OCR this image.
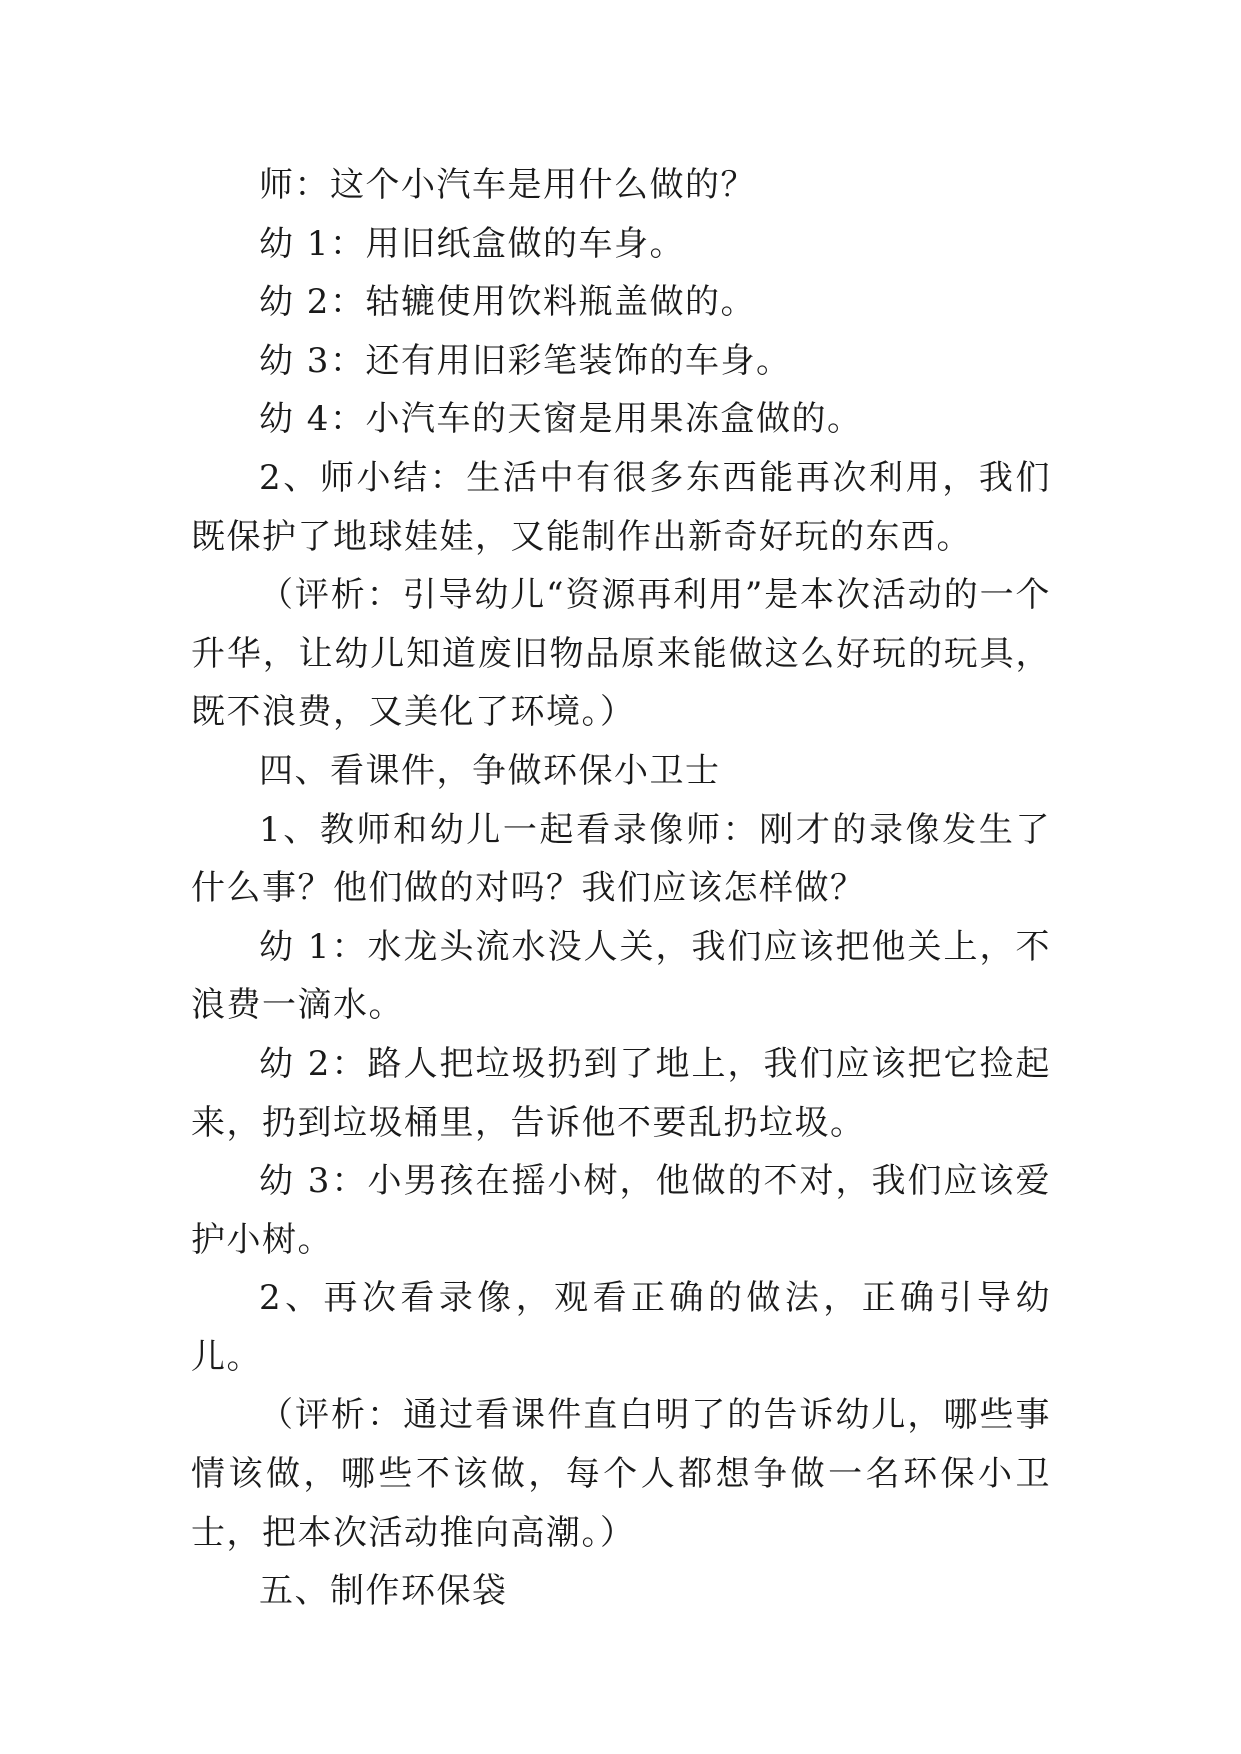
师：这个小汽车是用什么做的？

幼 1：用旧纸盒做的车身。

幼 2：轱辘使用饮料瓶盖做的。

幼 3：还有用旧彩笔装饰的车身。

幼 4：小汽车的天窗是用果冻盒做的。

2、师小结：生活中有很多东西能再次利用，我们既保护了地球娃娃，又能制作出新奇好玩的东西。

（评析：引导幼儿“资源再利用”是本次活动的一个升华，让幼儿知道废旧物品原来能做这么好玩的玩具，既不浪费，又美化了环境。）

四、看课件，争做环保小卫士

1、教师和幼儿一起看录像师：刚才的录像发生了什么事？他们做的对吗？我们应该怎样做？

幼 1：水龙头流水没人关，我们应该把他关上，不浪费一滴水。

幼 2：路人把垃圾扔到了地上，我们应该把它捡起来，扔到垃圾桶里，告诉他不要乱扔垃圾。

幼 3：小男孩在摇小树，他做的不对，我们应该爱护小树。

2、再次看录像，观看正确的做法，正确引导幼儿。

（评析：通过看课件直白明了的告诉幼儿，哪些事情该做，哪些不该做，每个人都想争做一名环保小卫士，把本次活动推向高潮。）

五、制作环保袋
